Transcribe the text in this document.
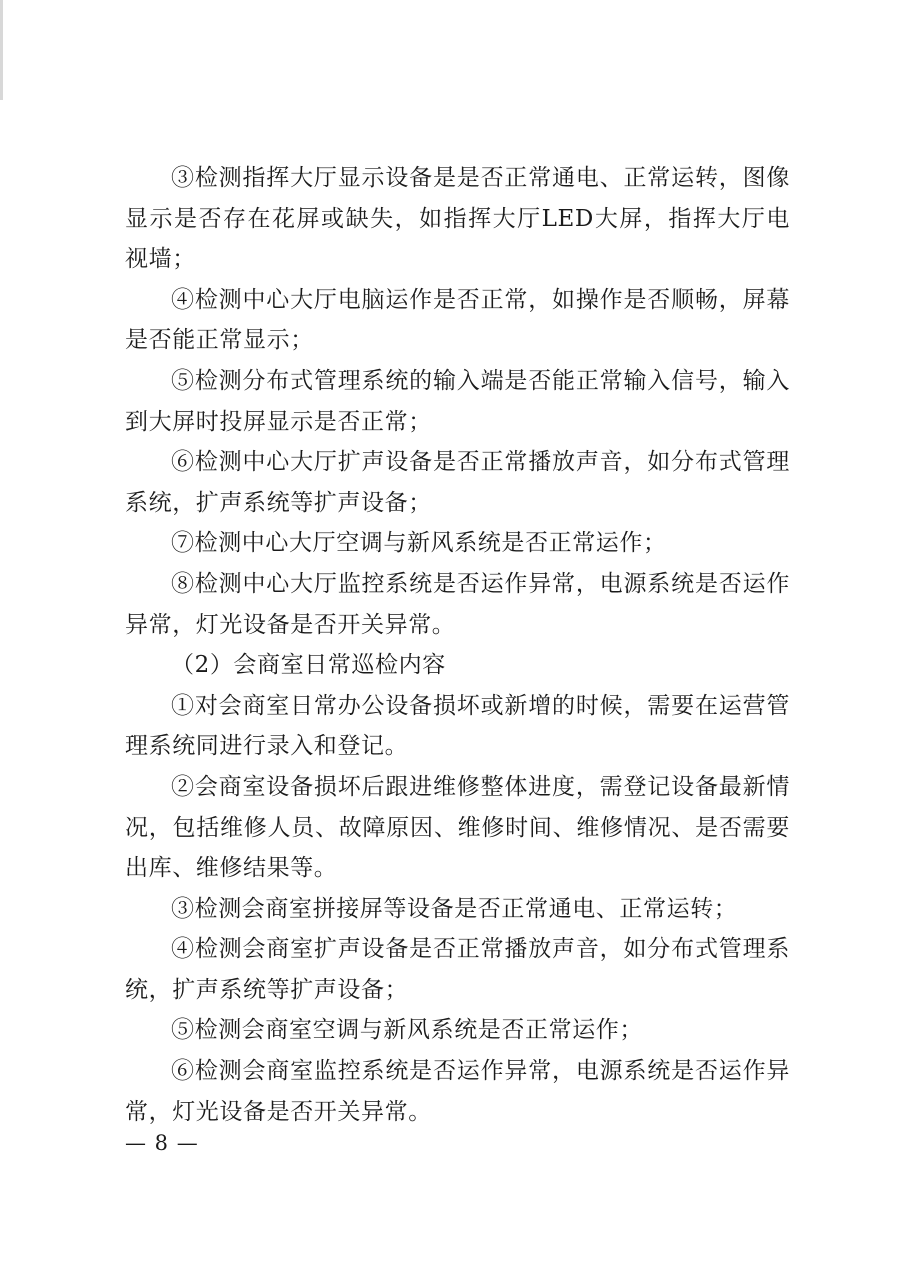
③检测指挥大厅显示设备是是否正常通电、正常运转，图像显示是否存在花屏或缺失，如指挥大厅LED大屏，指挥大厅电视墙；

④检测中心大厅电脑运作是否正常，如操作是否顺畅，屏幕是否能正常显示；

⑤检测分布式管理系统的输入端是否能正常输入信号，输入到大屏时投屏显示是否正常；

⑥检测中心大厅扩声设备是否正常播放声音，如分布式管理系统，扩声系统等扩声设备；

⑦检测中心大厅空调与新风系统是否正常运作；

⑧检测中心大厅监控系统是否运作异常，电源系统是否运作异常，灯光设备是否开关异常。

（2）会商室日常巡检内容

①对会商室日常办公设备损坏或新增的时候，需要在运营管理系统同进行录入和登记。

②会商室设备损坏后跟进维修整体进度，需登记设备最新情况，包括维修人员、故障原因、维修时间、维修情况、是否需要出库、维修结果等。

③检测会商室拼接屏等设备是否正常通电、正常运转；

④检测会商室扩声设备是否正常播放声音，如分布式管理系统，扩声系统等扩声设备；

⑤检测会商室空调与新风系统是否正常运作；

⑥检测会商室监控系统是否运作异常，电源系统是否运作异常，灯光设备是否开关异常。

— 8 —
